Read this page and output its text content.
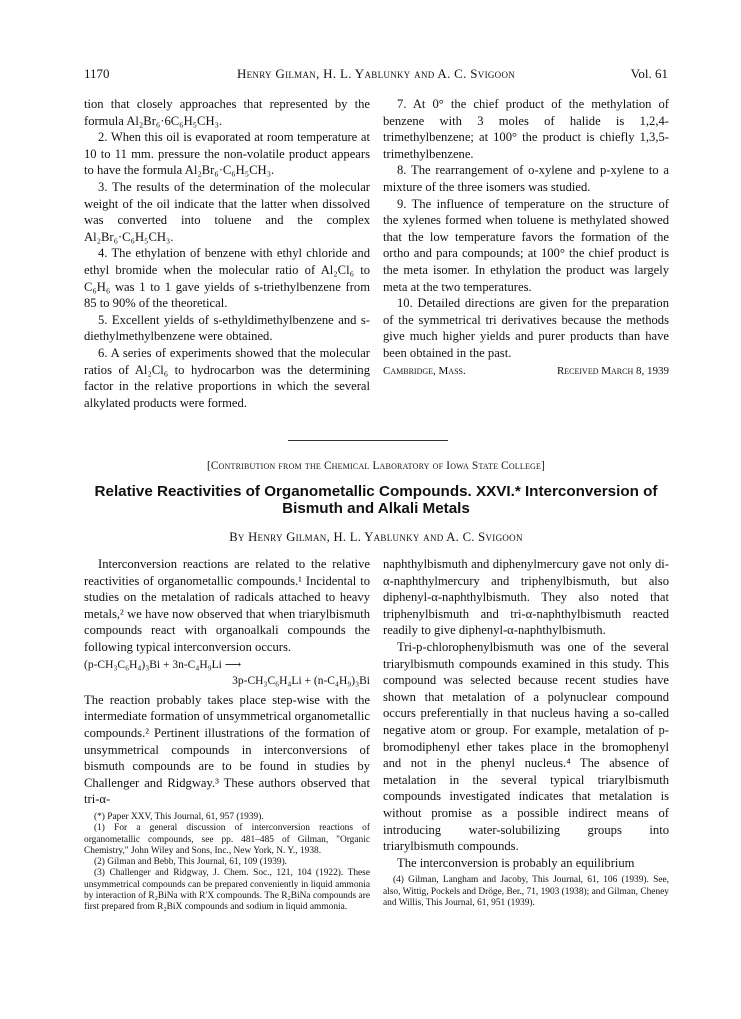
1170	Henry Gilman, H. L. Yablunky and A. C. Svigoon	Vol. 61

tion that closely approaches that represented by the formula Al₂Br₆·6C₆H₅CH₃.

2. When this oil is evaporated at room temperature at 10 to 11 mm. pressure the non-volatile product appears to have the formula Al₂Br₆·C₆H₅CH₃.

3. The results of the determination of the molecular weight of the oil indicate that the latter when dissolved was converted into toluene and the complex Al₂Br₆·C₆H₅CH₃.

4. The ethylation of benzene with ethyl chloride and ethyl bromide when the molecular ratio of Al₂Cl₆ to C₆H₆ was 1 to 1 gave yields of s-triethylbenzene from 85 to 90% of the theoretical.

5. Excellent yields of s-ethyldimethylbenzene and s-diethylmethylbenzene were obtained.

6. A series of experiments showed that the molecular ratios of Al₂Cl₆ to hydrocarbon was the determining factor in the relative proportions in which the several alkylated products were formed.

7. At 0° the chief product of the methylation of benzene with 3 moles of halide is 1,2,4-trimethylbenzene; at 100° the product is chiefly 1,3,5-trimethylbenzene.

8. The rearrangement of o-xylene and p-xylene to a mixture of the three isomers was studied.

9. The influence of temperature on the structure of the xylenes formed when toluene is methylated showed that the low temperature favors the formation of the ortho and para compounds; at 100° the chief product is the meta isomer. In ethylation the product was largely meta at the two temperatures.

10. Detailed directions are given for the preparation of the symmetrical tri derivatives because the methods give much higher yields and purer products than have been obtained in the past.

Cambridge, Mass.	Received March 8, 1939
[Contribution from the Chemical Laboratory of Iowa State College]
Relative Reactivities of Organometallic Compounds. XXVI.* Interconversion of Bismuth and Alkali Metals
By Henry Gilman, H. L. Yablunky and A. C. Svigoon

Interconversion reactions are related to the relative reactivities of organometallic compounds.¹ Incidental to studies on the metalation of radicals attached to heavy metals,² we have now observed that when triarylbismuth compounds react with organoalkali compounds the following typical interconversion occurs.

(p-CH₃C₆H₄)₃Bi + 3n-C₄H₉Li ⟶
3p-CH₃C₆H₄Li + (n-C₄H₉)₃Bi

The reaction probably takes place step-wise with the intermediate formation of unsymmetrical organometallic compounds.² Pertinent illustrations of the formation of unsymmetrical compounds in interconversions of bismuth compounds are to be found in studies by Challenger and Ridgway.³ These authors observed that tri-α-

(*) Paper XXV, This Journal, 61, 957 (1939).

(1) For a general discussion of interconversion reactions of organometallic compounds, see pp. 481–485 of Gilman, "Organic Chemistry," John Wiley and Sons, Inc., New York, N. Y., 1938.

(2) Gilman and Bebb, This Journal, 61, 109 (1939).

(3) Challenger and Ridgway, J. Chem. Soc., 121, 104 (1922). These unsymmetrical compounds can be prepared conveniently in liquid ammonia by interaction of R₂BiNa with R′X compounds. The R₂BiNa compounds are first prepared from R₂BiX compounds and sodium in liquid ammonia.

naphthylbismuth and diphenylmercury gave not only di-α-naphthylmercury and triphenylbismuth, but also diphenyl-α-naphthylbismuth. They also noted that triphenylbismuth and tri-α-naphthylbismuth reacted readily to give diphenyl-α-naphthylbismuth.

Tri-p-chlorophenylbismuth was one of the several triarylbismuth compounds examined in this study. This compound was selected because recent studies have shown that metalation of a polynuclear compound occurs preferentially in that nucleus having a so-called negative atom or group. For example, metalation of p-bromodiphenyl ether takes place in the bromophenyl and not in the phenyl nucleus.⁴ The absence of metalation in the several typical triarylbismuth compounds investigated indicates that metalation is without promise as a possible indirect means of introducing water-solubilizing groups into triarylbismuth compounds.

The interconversion is probably an equilibrium

(4) Gilman, Langham and Jacoby, This Journal, 61, 106 (1939). See, also, Wittig, Pockels and Dröge, Ber., 71, 1903 (1938); and Gilman, Cheney and Willis, This Journal, 61, 951 (1939).
